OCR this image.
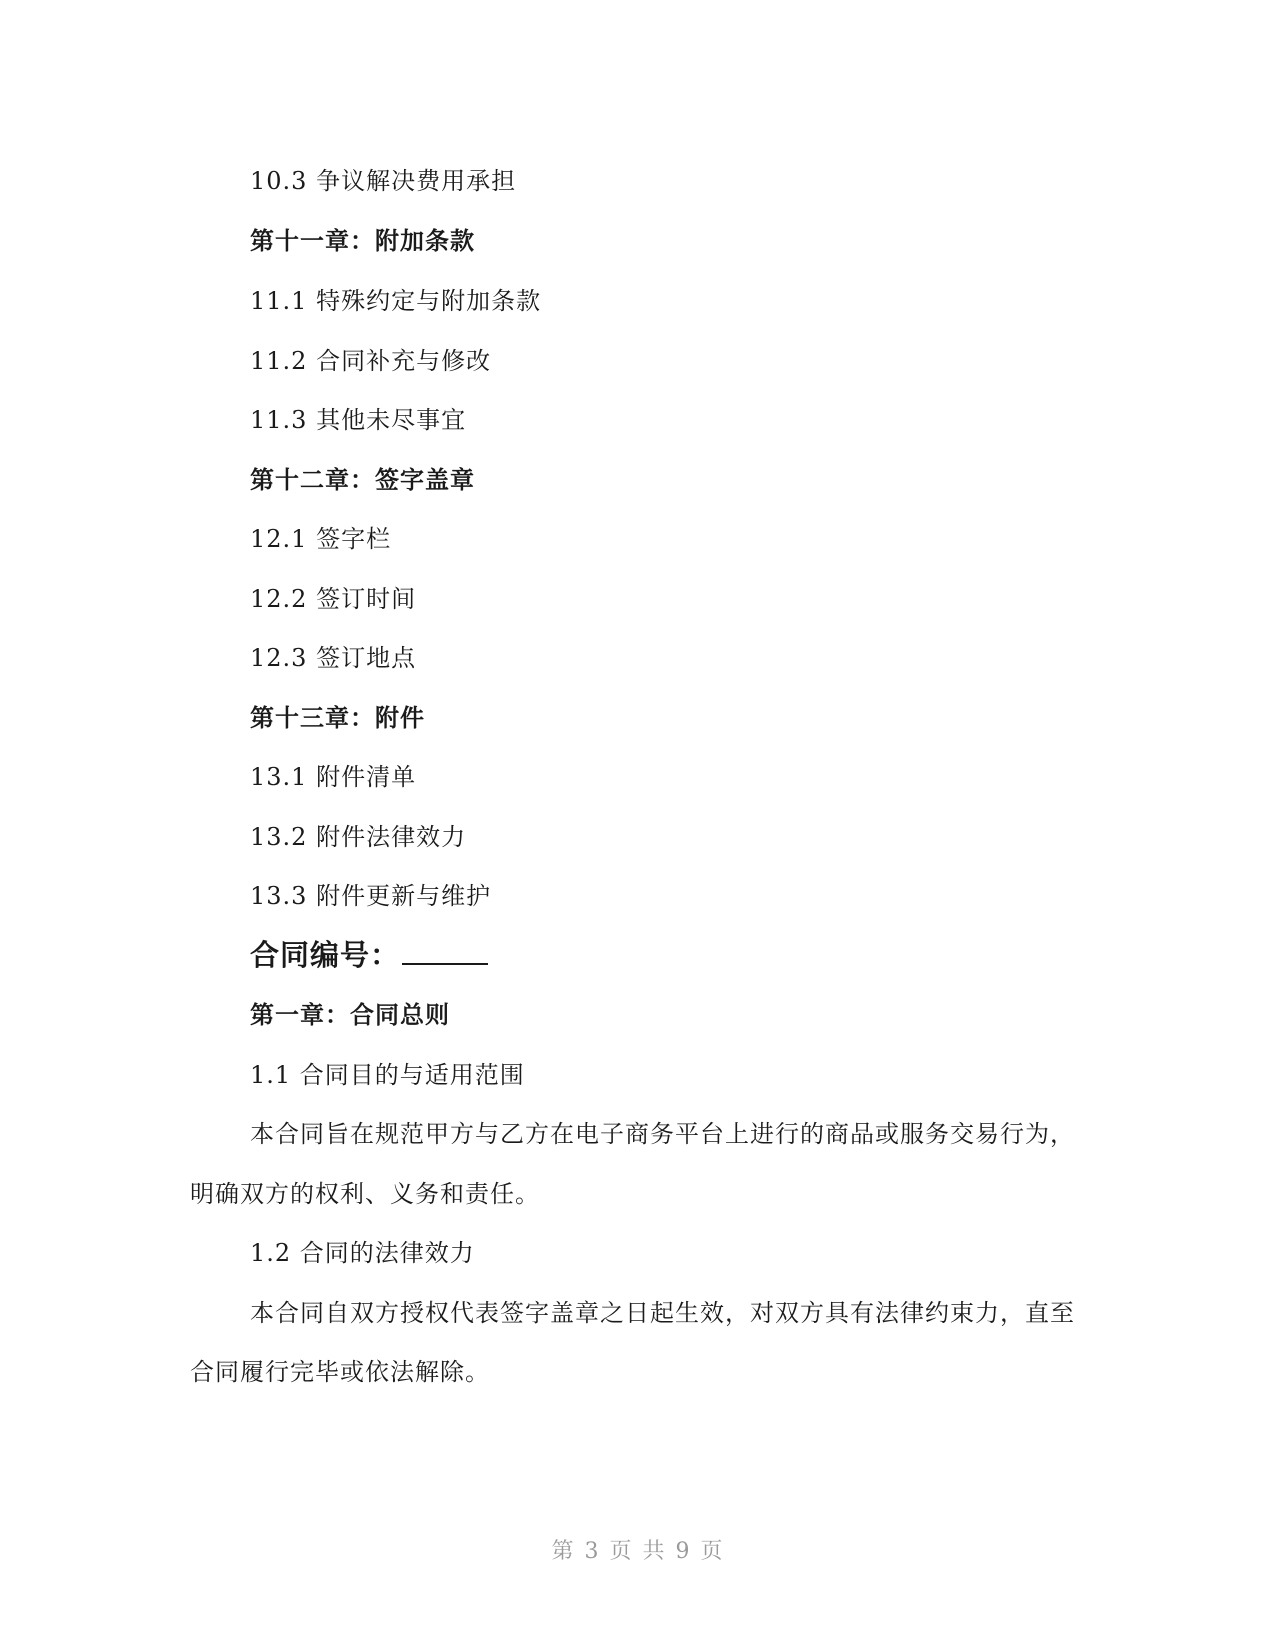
10.3 争议解决费用承担
第十一章：附加条款
11.1 特殊约定与附加条款
11.2 合同补充与修改
11.3 其他未尽事宜
第十二章：签字盖章
12.1 签字栏
12.2 签订时间
12.3 签订地点
第十三章：附件
13.1 附件清单
13.2 附件法律效力
13.3 附件更新与维护
合同编号：
第一章：合同总则
1.1 合同目的与适用范围
本合同旨在规范甲方与乙方在电子商务平台上进行的商品或服务交易行为，
明确双方的权利、义务和责任。
1.2 合同的法律效力
本合同自双方授权代表签字盖章之日起生效，对双方具有法律约束力，直至
合同履行完毕或依法解除。
第 3 页 共 9 页
